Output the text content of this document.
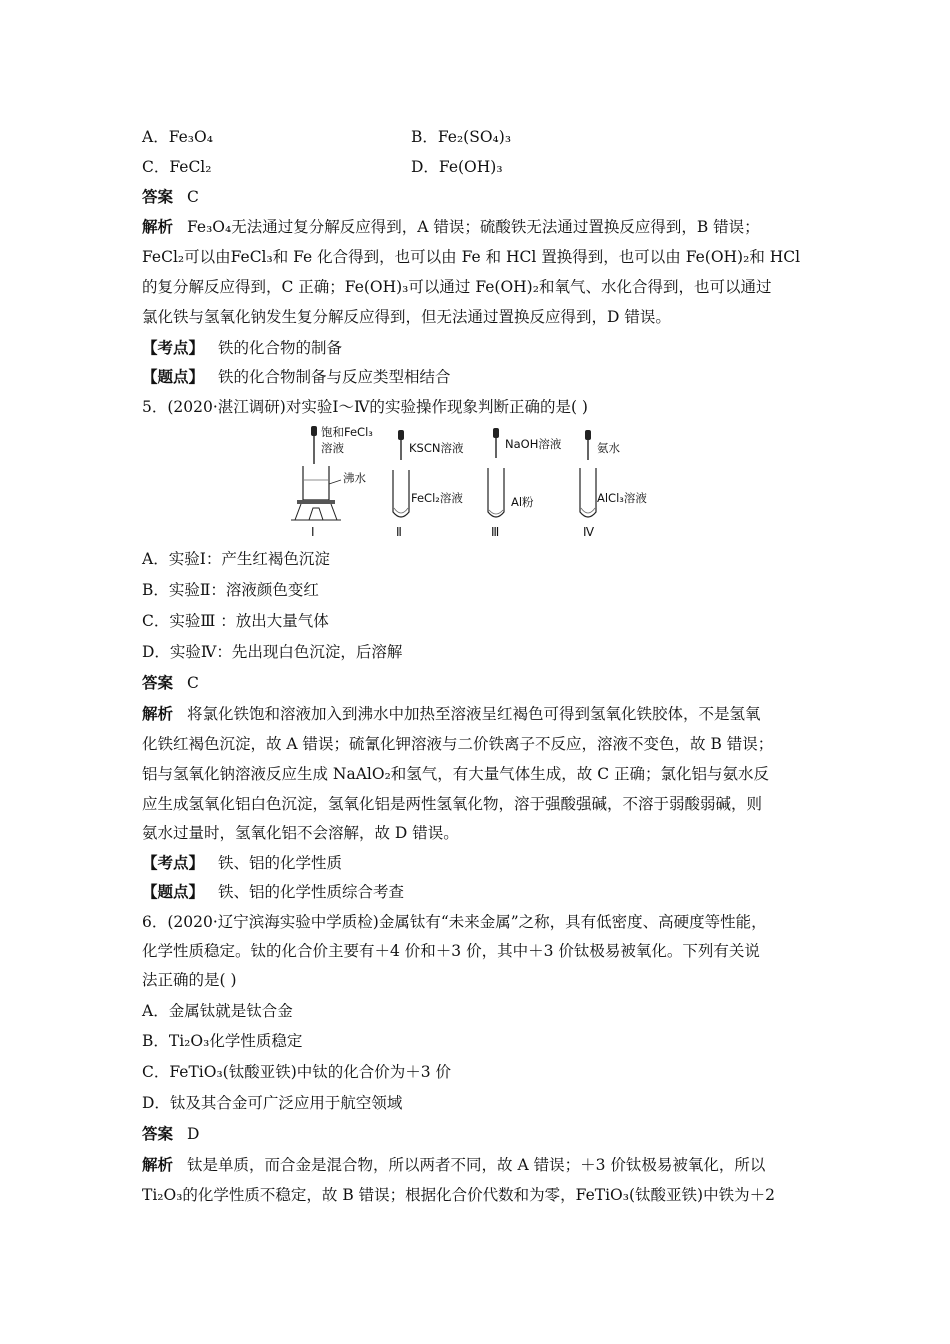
A．Fe₃O₄	B．Fe₂(SO₄)₃
C．FeCl₂	D．Fe(OH)₃
答案 C
解析 Fe₃O₄无法通过复分解反应得到，A 错误；硫酸铁无法通过置换反应得到，B 错误；
FeCl₂可以由FeCl₃和 Fe 化合得到，也可以由 Fe 和 HCl 置换得到，也可以由 Fe(OH)₂和 HCl
的复分解反应得到，C 正确；Fe(OH)₃可以通过 Fe(OH)₂和氧气、水化合得到，也可以通过
氯化铁与氢氧化钠发生复分解反应得到，但无法通过置换反应得到，D 错误。
【考点】 铁的化合物的制备
【题点】 铁的化合物制备与反应类型相结合
5．(2020·湛江调研)对实验Ⅰ～Ⅳ的实验操作现象判断正确的是( )
饱和FeCl₃
溶液
沸水
Ⅰ
KSCN溶液
FeCl₂溶液
Ⅱ
NaOH溶液
Al粉
Ⅲ
氨水
AlCl₃溶液
Ⅳ
A．实验Ⅰ：产生红褐色沉淀
B．实验Ⅱ：溶液颜色变红
C．实验Ⅲ ：放出大量气体
D．实验Ⅳ：先出现白色沉淀，后溶解
答案 C
解析 将氯化铁饱和溶液加入到沸水中加热至溶液呈红褐色可得到氢氧化铁胶体，不是氢氧
化铁红褐色沉淀，故 A 错误；硫氰化钾溶液与二价铁离子不反应，溶液不变色，故 B 错误；
铝与氢氧化钠溶液反应生成 NaAlO₂和氢气，有大量气体生成，故 C 正确；氯化铝与氨水反
应生成氢氧化铝白色沉淀，氢氧化铝是两性氢氧化物，溶于强酸强碱，不溶于弱酸弱碱，则
氨水过量时，氢氧化铝不会溶解，故 D 错误。
【考点】 铁、铝的化学性质
【题点】 铁、铝的化学性质综合考查
6．(2020·辽宁滨海实验中学质检)金属钛有“未来金属”之称，具有低密度、高硬度等性能，
化学性质稳定。钛的化合价主要有＋4 价和＋3 价，其中＋3 价钛极易被氧化。下列有关说
法正确的是( )
A．金属钛就是钛合金
B．Ti₂O₃化学性质稳定
C．FeTiO₃(钛酸亚铁)中钛的化合价为＋3 价
D．钛及其合金可广泛应用于航空领域
答案 D
解析 钛是单质，而合金是混合物，所以两者不同，故 A 错误；＋3 价钛极易被氧化，所以
Ti₂O₃的化学性质不稳定，故 B 错误；根据化合价代数和为零，FeTiO₃(钛酸亚铁)中铁为＋2
